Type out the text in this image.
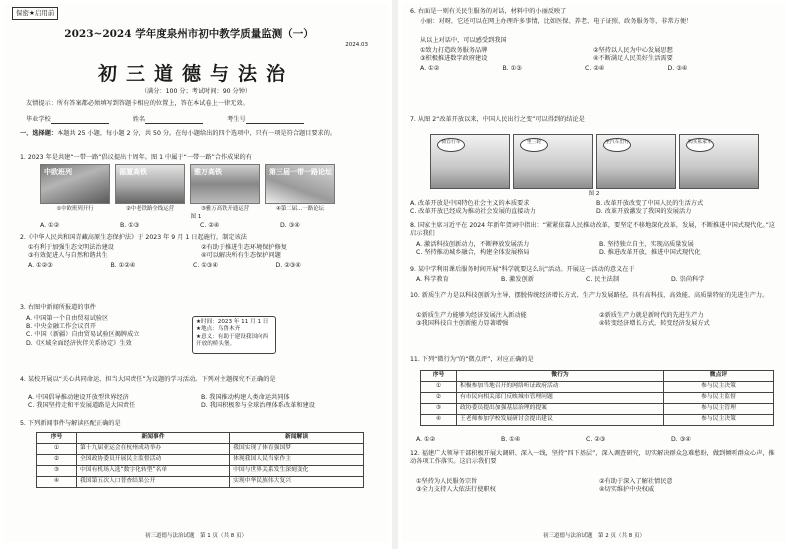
保密★启用前
2023~2024 学年度泉州市初中教学质量监测（一）
2024.03
初三道德与法治
（满分：100 分；考试时间：90 分钟）
友情提示：所有答案都必须填写到答题卡相应的位置上，答在本试卷上一律无效。
毕业学校	姓名	考生号
一、选择题：本题共 25 小题，每小题 2 分，共 50 分。在每小题给出的四个选项中，只有一项是符合题目要求的。
1. 2023 年是共建“一带一路”倡议提出十周年。图 1 中属于“一带一路”合作成果的有
中欧班列	福厦高铁	雅万高铁	第三届一带一路论坛
①中欧班列开行	②中老铁路全线运营	③雅万高铁开通运营	④第二届…一路论坛
图 1
A. ①②	B. ①③	C. ②④	D. ③④
2.《中华人民共和国青藏高原生态保护法》于 2023 年 9 月 1 日起施行，制定该法
①有利于加强生态文明法治建设	②有助于推进生态环境保护修复
③有效促进人与自然和谐共生	④可以解决所有生态保护问题
A. ①②③	B. ①②④	C. ①③④	D. ②③④
3. 右图中新闻所报道的事件
A. 中国第一个自由贸易试验区
B. 中央金融工作会议召开
C. 中国（新疆）自由贸易试验区揭牌成立
D.《区域全面经济伙伴关系协定》生效
★时间：2023 年 11 月 1 日
★地点：乌鲁木齐
★意义：有助于建设我国向西开放的桥头堡。
4. 某校开展以“关心共同命运，担当大国责任”为议题的学习活动。下列对主题探究不正确的是
A. 中国倡导推动建设开放型世界经济	B. 我国推动构建人类命运共同体
C. 我国坚持走和平发展道路是大国责任	D. 我国积极参与全球治理体系改革和建设
5. 下列新闻事件与解读匹配正确的是
序号	新闻事件	新闻解读
①	第十九届亚运会在杭州成功举办	我国实现了体育强国梦
②	全国政协委员开展民主监督活动	体现我国人民当家作主
③	中国有机场入选“数字化转型”名单	中国与世界关系发生深刻变化
④	我国第五次人口普查结果公开	实现中华民族伟大复兴
初三道德与法治试题　第 1 页（共 8 页）
6. 右面是一则有关民生服务的对话，材料中的小丽反映了
小丽：对呀，它还可以在网上办理许多事情，比如医保、养老、电子证照、政务服务等，非常方便！
从以上对话中，可以感受到我国
①致力打造政务服务品牌	②坚持以人民为中心发展思想
③积极推进数字政府建设	④不断满足人民美好生活需要
A. ①②	B. ①③	C. ②④	D. ③④
7. 从图 2“改革开放以来，中国人民出行之变”可以得到的结论是
骑自行车	坐三轮	坐汽车出行	购买私家车
图 2
A. 改革开放是中国特色社会主义的本质要求	B. 改革开放改变了中国人民的生活方式
C. 改革开放已经成为推动社会发展的直接动力	D. 改革开放激发了我国的发展活力
8. 国家主席习近平在 2024 年新年贺词中指出：“紧紧依靠人民推动改革，要坚定不移地深化改革，发展，不断推进中国式现代化。”这启示我们
A. 激活科技创新动力，不断释放发展活力	B. 坚持独立自主，实现高质量发展
C. 坚持推动城乡融合，构建全体发展格局	D. 推进改革开放，推进中国式现代化
9. 某中学利用课后服务时间开展“科学就要这么玩”活动。开展这一活动的意义在于
A. 科学教育	B. 激发创新	C. 民主法制	D. 崇尚科学
10. 新质生产力是以科技创新为主导，摆脱传统经济增长方式、生产力发展路径，具有高科技、高效能、高质量特征的先进生产力。
①新质生产力能够为经济发展注入新动能	②新质生产力就是新时代的先进生产力
③我国科技自主创新能力显著增强	④转变经济增长方式，转变经济发展方式
11. 下列“微行为”的“微点评”，对应正确的是
序号	微行为	微点评
①	积极参加当地召开的网络听证政府活动	参与民主决策
②	有市民向相关部门反映城市管理问题	参与民主监督
③	政协委员提出加强基层治理的提案	参与民主管理
④	王老师参加学校发展研讨会提出建议	参与民主决策
A. ①②	B. ①④	C. ②③	D. ③④
12. 福建广大领导干部积极开展大调研、深入一线，坚持“四下基层”，深入调查研究，切实解决群众急难愁盼，做到倾听群众心声，推动各项工作落实。这启示我们要
①坚持为人民服务宗旨	②有助于深入了解社情民意
③全力支持人大依法行使职权	④切实维护中央权威
初三道德与法治试题　第 2 页（共 8 页）
